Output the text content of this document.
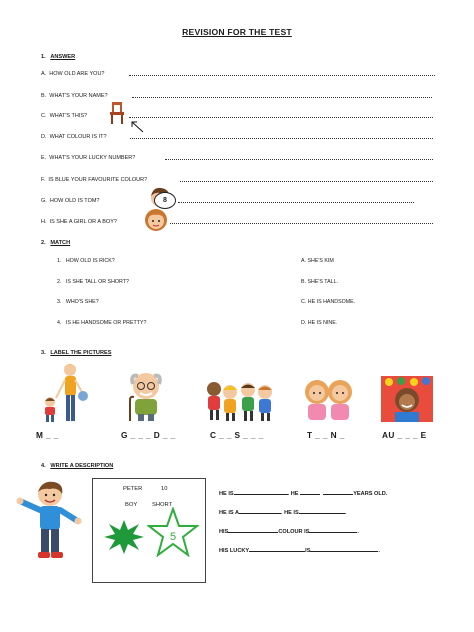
REVISION FOR THE TEST
1. ANSWER
A. HOW OLD ARE YOU?
B. WHAT'S YOUR NAME?
C. WHAT'S THIS?
D. WHAT COLOUR IS IT?
E. WHAT'S YOUR LUCKY NUMBER?
F. IS BLUE YOUR FAVOURITE COLOUR?
G. HOW OLD IS TOM?	8
H. IS SHE A GIRL OR A BOY?
2. MATCH
1. HOW OLD IS RICK?
2. IS SHE TALL OR SHORT?
3. WHO'S SHE?
4. IS HE HANDSOME OR PRETTY?
A. SHE'S KIM
B. SHE'S TALL.
C. HE IS HANDSOME.
D. HE IS NINE.
3. LABEL THE PICTURES
M _ _	G _ _ _ D _ _	C _ _ S _ _ _	T _ _ N _	AU _ _ _ E
4. WRITE A DESCRIPTION
PETER	10
BOY	SHORT
5
HE IS	. HE	YEARS OLD.
HE IS A	. HE IS	.
HIS	COLOUR IS	.
HIS LUCKY	IS	.
